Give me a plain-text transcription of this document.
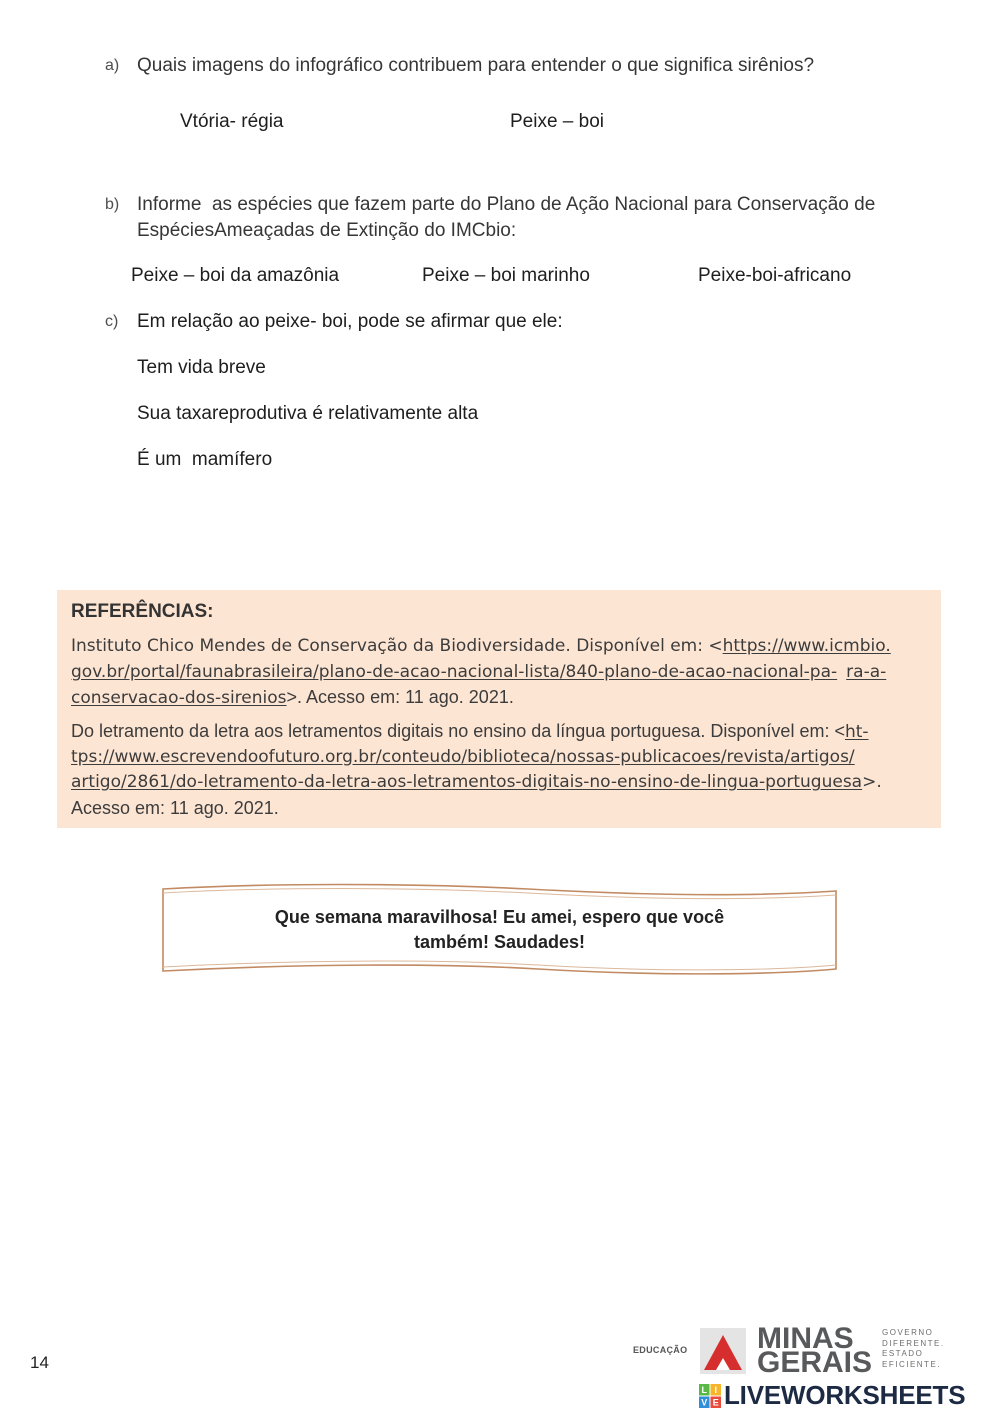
a) Quais imagens do infográfico contribuem para entender o que significa sirênios?
Vtória- régia	Peixe – boi
b) Informe  as espécies que fazem parte do Plano de Ação Nacional para Conservação de
EspéciesAmeaçadas de Extinção do IMCbio:
Peixe – boi da amazônia	Peixe – boi marinho	Peixe-boi-africano
c) Em relação ao peixe- boi, pode se afirmar que ele:
Tem vida breve
Sua taxareprodutiva é relativamente alta
É um  mamífero
REFERÊNCIAS:
Instituto Chico Mendes de Conservação da Biodiversidade. Disponível em: <https://www.icmbio.
gov.br/portal/faunabrasileira/plano-de-acao-nacional-lista/840-plano-de-acao-nacional-pa- ra-a-
conservacao-dos-sirenios>. Acesso em: 11 ago. 2021.
Do letramento da letra aos letramentos digitais no ensino da língua portuguesa. Disponível em: <ht-
tps://www.escrevendoofuturo.org.br/conteudo/biblioteca/nossas-publicacoes/revista/artigos/
artigo/2861/do-letramento-da-letra-aos-letramentos-digitais-no-ensino-de-lingua-portuguesa>.
Acesso em: 11 ago. 2021.
Que semana maravilhosa! Eu amei, espero que você
também! Saudades!
14
EDUCAÇÃO MINAS
GERAIS
GOVERNO
DIFERENTE.
ESTADO
EFICIENTE.
L I
V E LIVEWORKSHEETS
